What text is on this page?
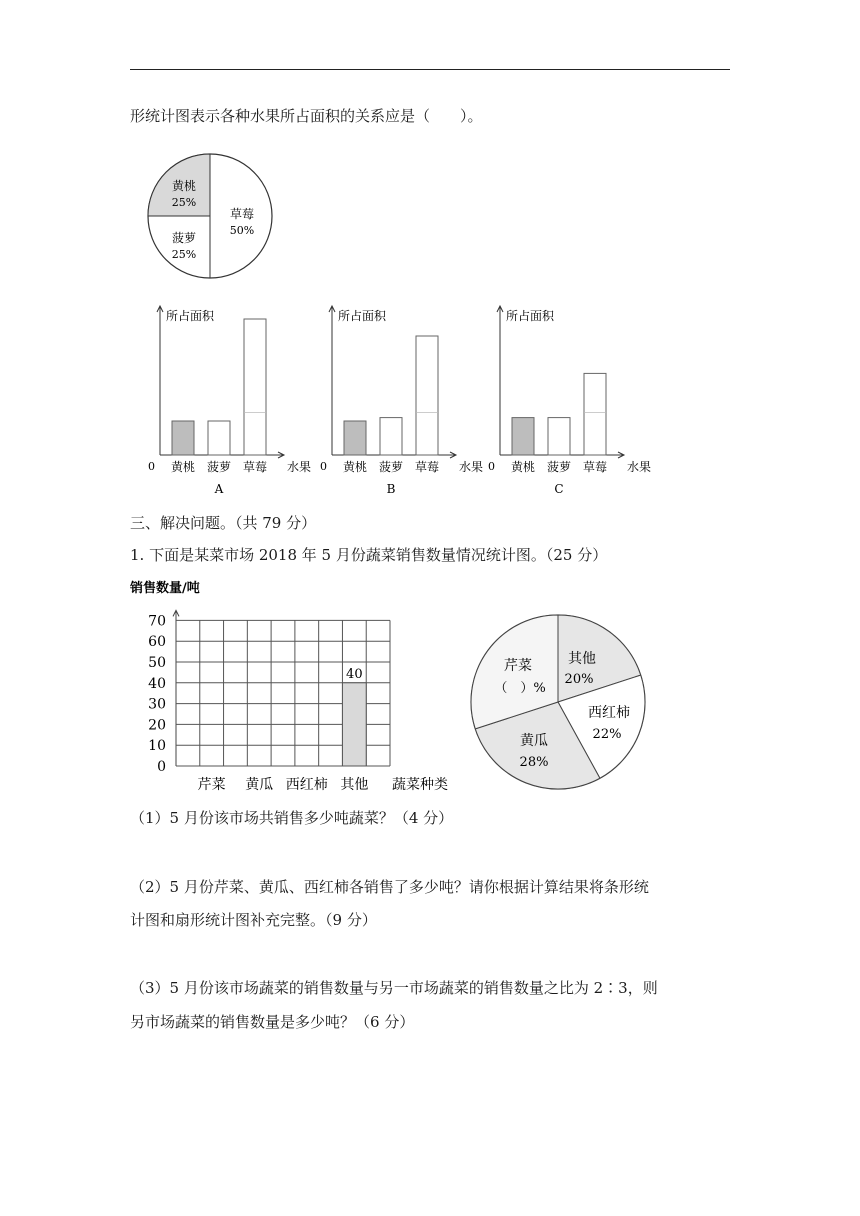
形统计图表示各种水果所占面积的关系应是（　　）。
黄桃
25%
菠萝
25%
草莓
50%
所占面积
0	水果
黄桃 菠萝 草莓
A
所占面积
0	水果
黄桃 菠萝 草莓
B
所占面积
0	水果
黄桃 菠萝 草莓
C
三、解决问题。（共 79 分）
1. 下面是某菜市场 2018 年 5 月份蔬菜销售数量情况统计图。（25 分）
销售数量/吨
0
10
20
30
40
50
60
70
芹菜 黄瓜 西红柿
40
其他 蔬菜种类
芹菜
（　）%
其他
20%
西红柿
22%
黄瓜
28%
（1）5 月份该市场共销售多少吨蔬菜？（4 分）
（2）5 月份芹菜、黄瓜、西红柿各销售了多少吨？请你根据计算结果将条形统
计图和扇形统计图补充完整。（9 分）
（3）5 月份该市场蔬菜的销售数量与另一市场蔬菜的销售数量之比为 2∶3，则
另市场蔬菜的销售数量是多少吨？（6 分）
